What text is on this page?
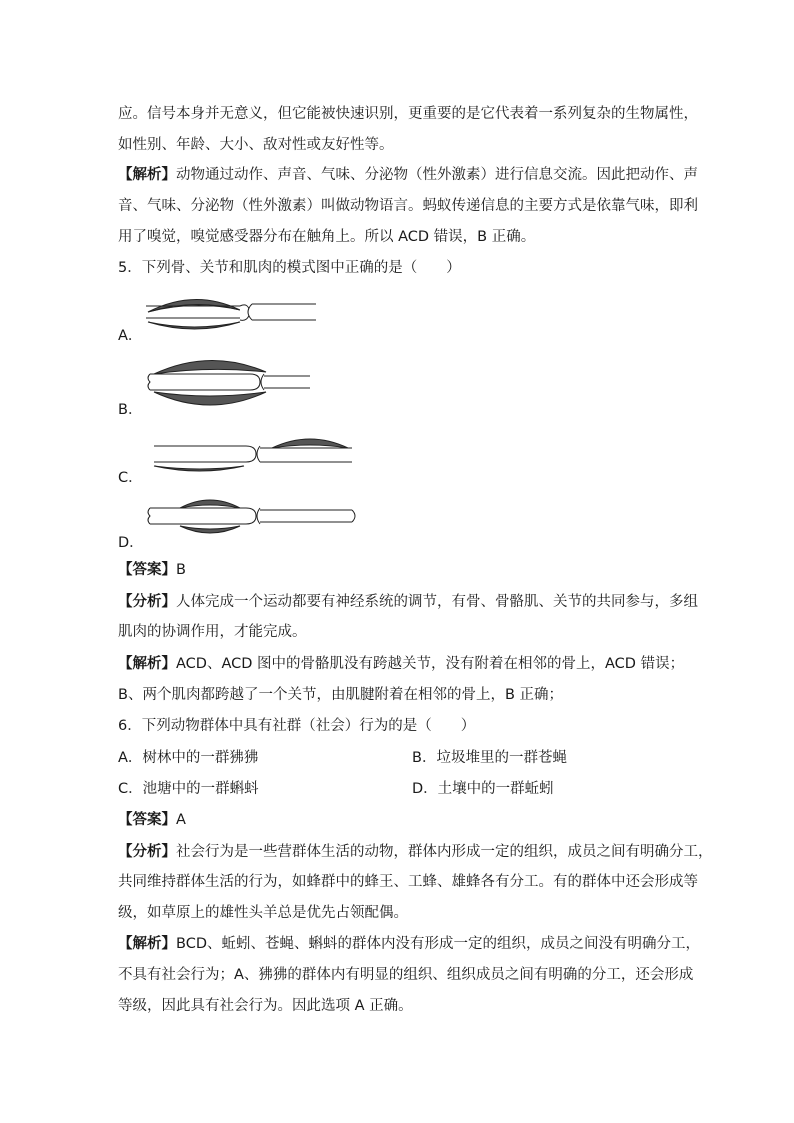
应。信号本身并无意义，但它能被快速识别，更重要的是它代表着一系列复杂的生物属性，
如性别、年龄、大小、敌对性或友好性等。
【解析】动物通过动作、声音、气味、分泌物（性外激素）进行信息交流。因此把动作、声
音、气味、分泌物（性外激素）叫做动物语言。蚂蚁传递信息的主要方式是依靠气味，即利
用了嗅觉，嗅觉感受器分布在触角上。所以 ACD 错误，B 正确。
5．下列骨、关节和肌肉的模式图中正确的是（　　）
A．
B．
C．
D．
【答案】B
【分析】人体完成一个运动都要有神经系统的调节，有骨、骨骼肌、关节的共同参与，多组
肌肉的协调作用，才能完成。
【解析】ACD、ACD 图中的骨骼肌没有跨越关节，没有附着在相邻的骨上，ACD 错误；
B、两个肌肉都跨越了一个关节，由肌腱附着在相邻的骨上，B 正确；
6．下列动物群体中具有社群（社会）行为的是（　　）
A．树林中的一群狒狒	B．垃圾堆里的一群苍蝇
C．池塘中的一群蝌蚪	D．土壤中的一群蚯蚓
【答案】A
【分析】社会行为是一些营群体生活的动物，群体内形成一定的组织，成员之间有明确分工，
共同维持群体生活的行为，如蜂群中的蜂王、工蜂、雄蜂各有分工。有的群体中还会形成等
级，如草原上的雄性头羊总是优先占领配偶。
【解析】BCD、蚯蚓、苍蝇、蝌蚪的群体内没有形成一定的组织，成员之间没有明确分工，
不具有社会行为；A、狒狒的群体内有明显的组织、组织成员之间有明确的分工，还会形成
等级，因此具有社会行为。因此选项 A 正确。
